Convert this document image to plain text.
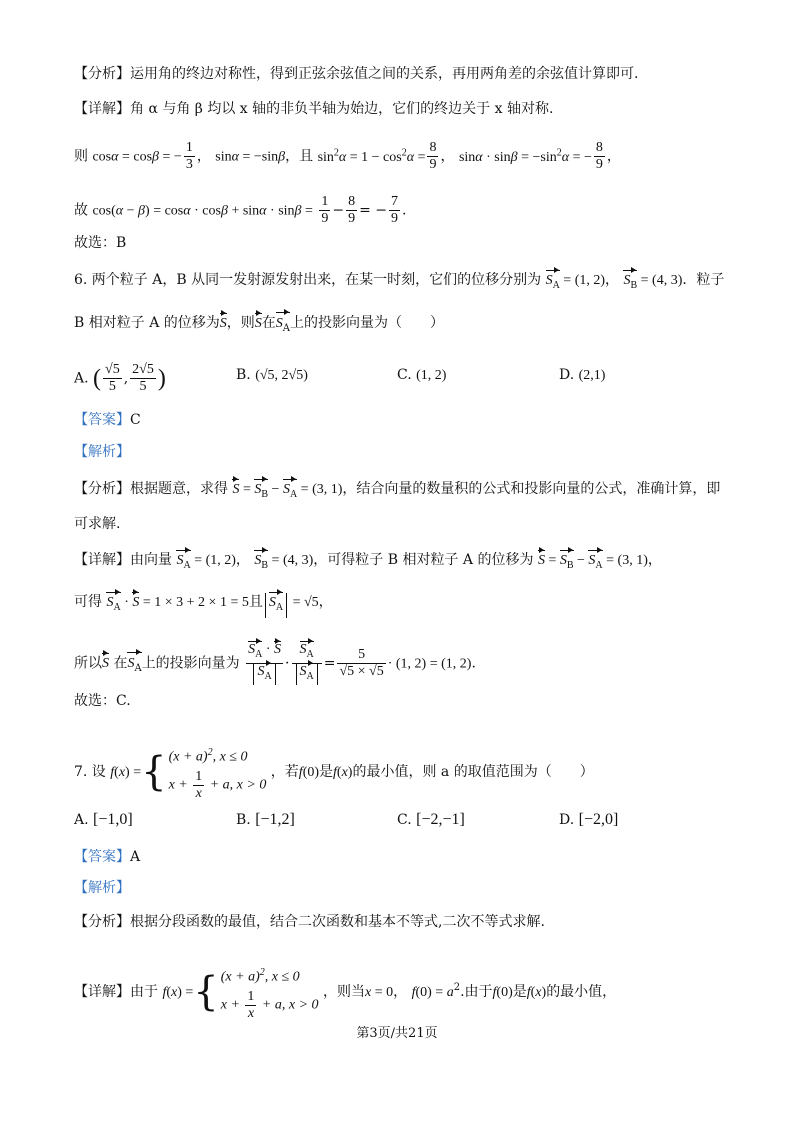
【分析】运用角的终边对称性，得到正弦余弦值之间的关系，再用两角差的余弦值计算即可.
【详解】角 α 与角 β 均以 x 轴的非负半轴为始边，它们的终边关于 x 轴对称.
则 cosα = cosβ = − $\frac{1}{3}$ ， sinα = −sinβ，且 $\sin^2\alpha = 1 - \cos^2\alpha = \frac{8}{9}$ ， $\sin\alpha \cdot \sin\beta = -\sin^2\alpha$ = − $\frac{8}{9}$ ，
故 $\cos(\alpha - \beta) = \cos\alpha \cdot \cos\beta + \sin\alpha \cdot \sin\beta = \frac{1}{9} - \frac{8}{9}$ = − $\frac{7}{9}$ .
故选：B
6. 两个粒子 A，B 从同一发射源发射出来，在某一时刻，它们的位移分别为 $S_A = (1$, 2)， $S_B = (4$, 3)．粒子
B 相对粒子 A 的位移为S，则S在$S_A$上的投影向量为（　　）
A. ( $\frac{√5}{5}$ , $\frac{2√5}{5}$ )	B. (√5, 2√5)	C. (1, 2)	D. (2,1)
【答案】C
【解析】
【分析】根据题意，求得 $S = S_B - S_A = (3$, 1)，结合向量的数量积的公式和投影向量的公式，准确计算，即
可求解.
【详解】由向量 $S_A = (1$, 2)， $S_B = (4$, 3)，可得粒子 B 相对粒子 A 的位移为 $S = S_B - S_A = (3$, 1)，
可得 $S_A \cdot S = 1 \times 3 + 2 \times 1 = 5$且 $S_A = √5$，
所以S 在$S_A$上的投影向量为 $\frac{S_A \cdot S}{S_A} \cdot \frac{S_A}{S_A} = \frac{5}{√5 \times √5} \cdot (1$, 2) = (1, 2).
故选：C.
7. 设 f(x) ={ $(x + a)^2$, x ≤ 0
$x + \frac{1}{x} + a$, x > 0
，若f(0)是f(x)的最小值，则 a 的取值范围为（　　）
A. [−1,0]	B. [−1,2]	C. [−2,−1]	D. [−2,0]
【答案】A
【解析】
【分析】根据分段函数的最值，结合二次函数和基本不等式,二次不等式求解.
【详解】由于 f(x) ={ $(x + a)^2$, x ≤ 0
$x + \frac{1}{x} + a$, x > 0
，则当x = 0， $f(0) = a^2$.由于f(0)是f(x)的最小值，
第3页/共21页
